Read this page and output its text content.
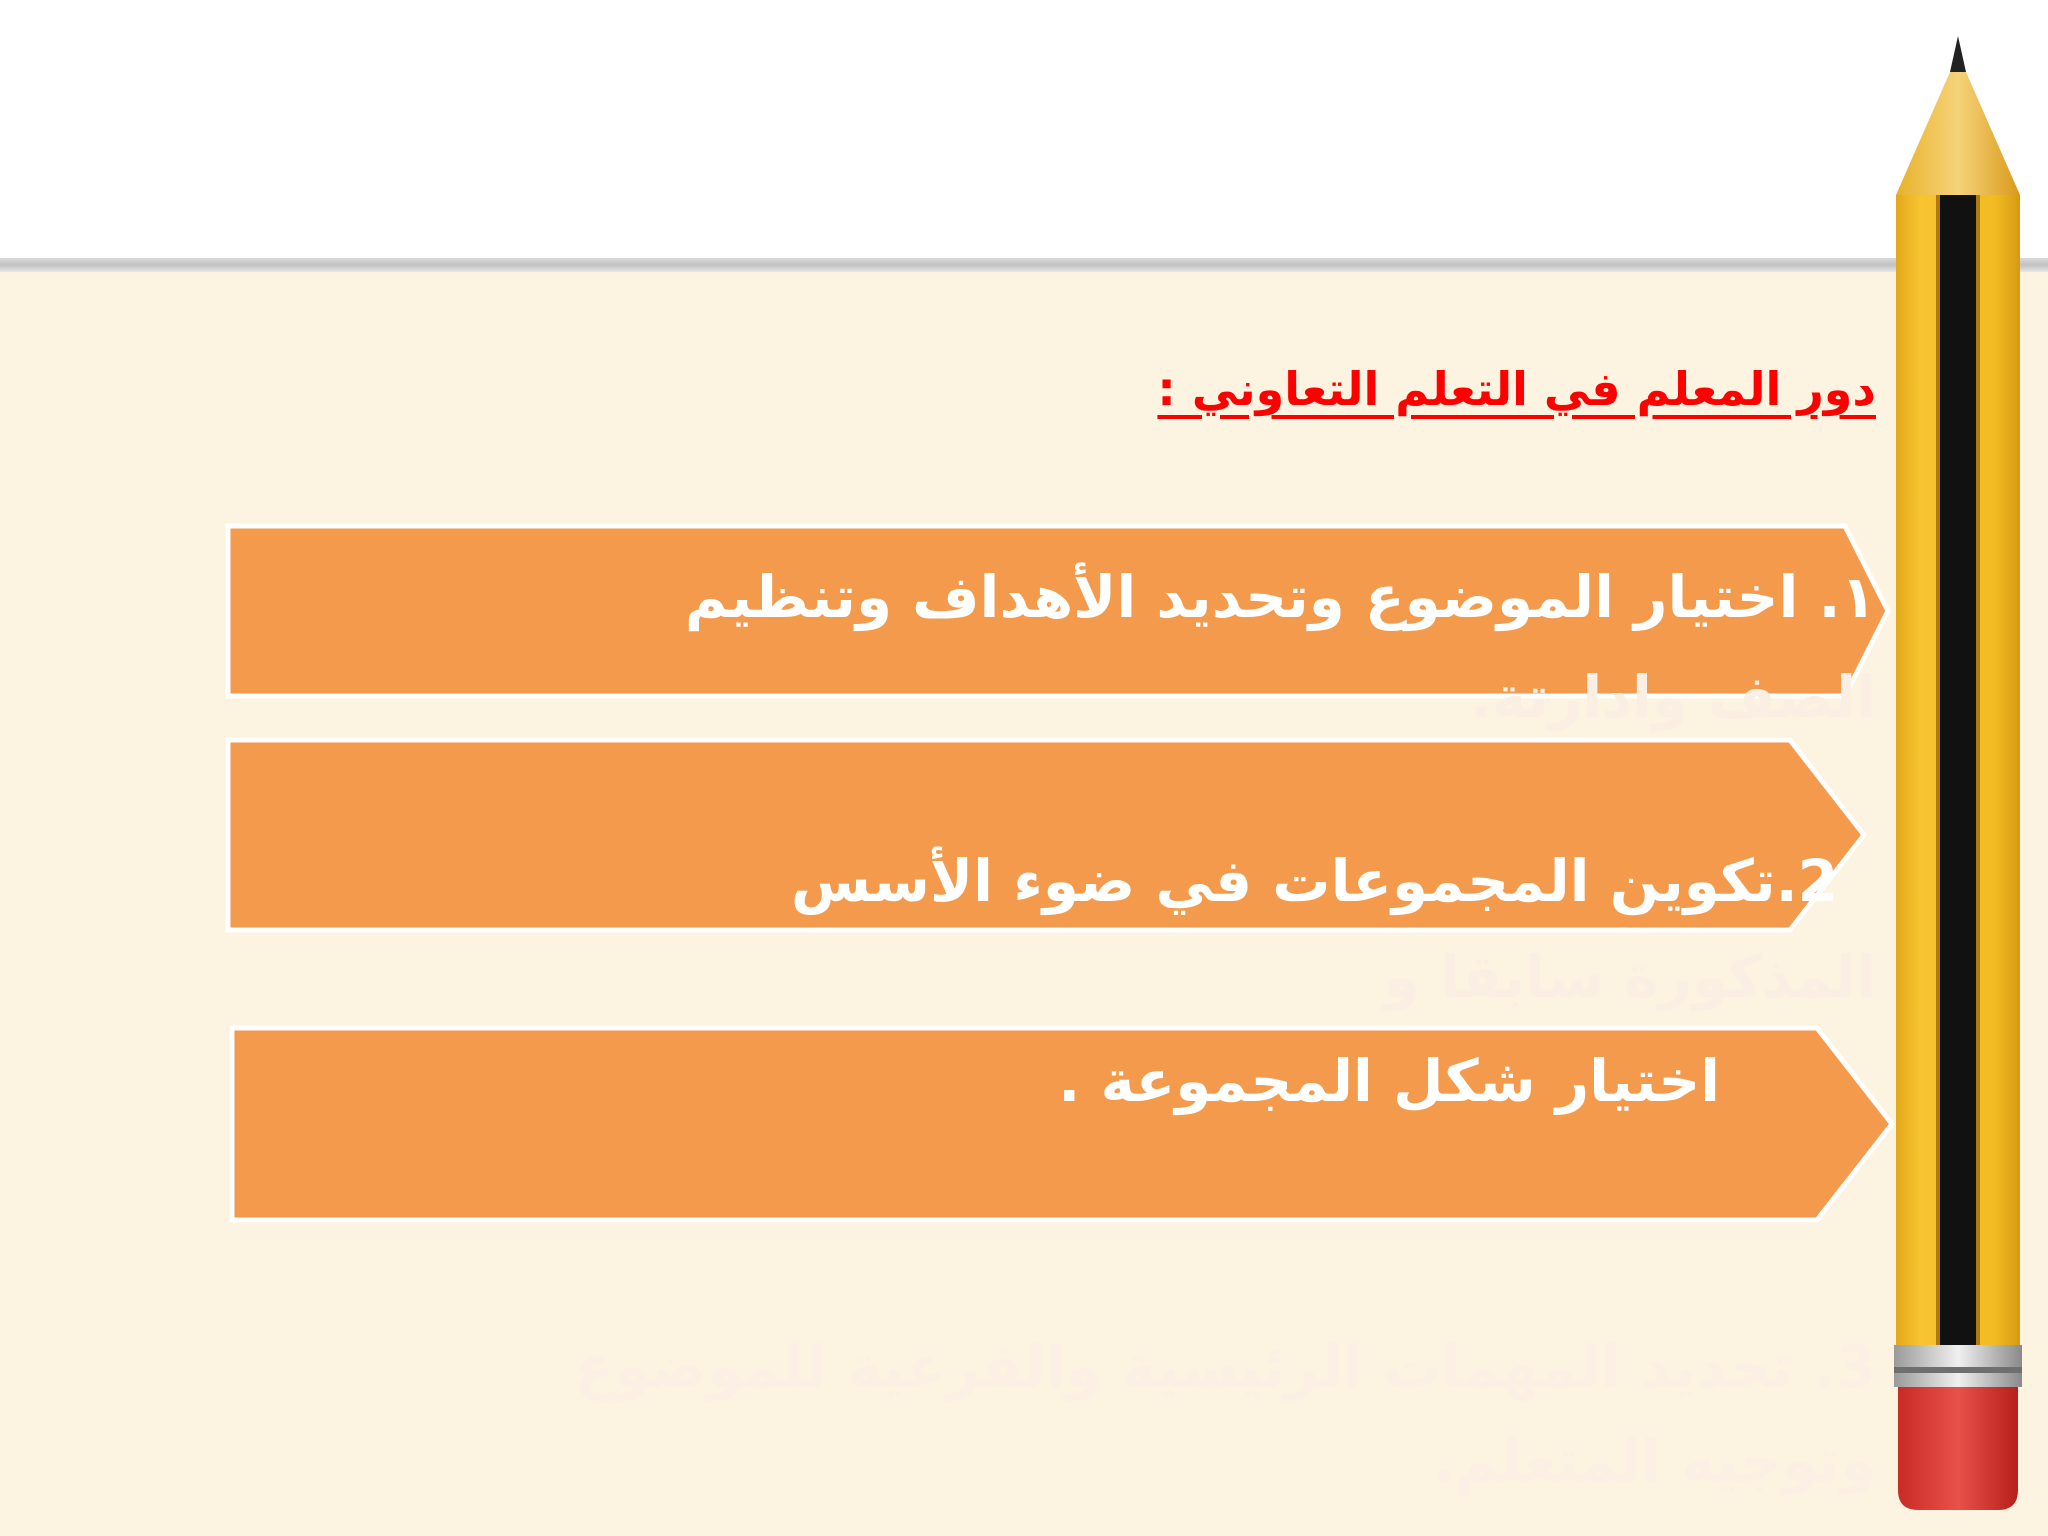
دور المعلم في التعلم التعاوني :
١. اختيار الموضوع وتحديد الأهداف وتنظيم
الصف وادارتة.
2.تكوين المجموعات في ضوء الأسس
المذكورة سابقا و
اختيار شكل المجموعة .
3. تحديد المهمات الرئيسية والفرعية للموضوع
وتوجيه المتعلم.
